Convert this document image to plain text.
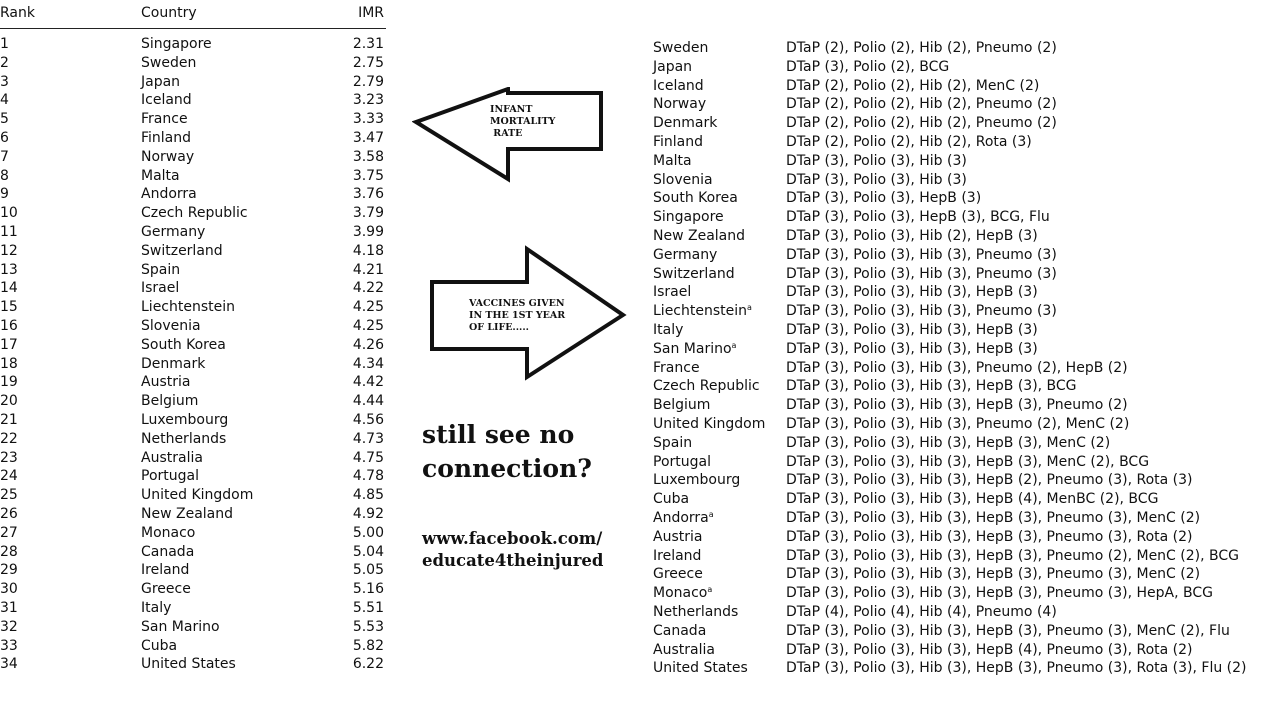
Rank	Country	IMR
1	Singapore	2.31
2	Sweden	2.75
3	Japan	2.79
4	Iceland	3.23
5	France	3.33
6	Finland	3.47
7	Norway	3.58
8	Malta	3.75
9	Andorra	3.76
10	Czech Republic	3.79
11	Germany	3.99
12	Switzerland	4.18
13	Spain	4.21
14	Israel	4.22
15	Liechtenstein	4.25
16	Slovenia	4.25
17	South Korea	4.26
18	Denmark	4.34
19	Austria	4.42
20	Belgium	4.44
21	Luxembourg	4.56
22	Netherlands	4.73
23	Australia	4.75
24	Portugal	4.78
25	United Kingdom	4.85
26	New Zealand	4.92
27	Monaco	5.00
28	Canada	5.04
29	Ireland	5.05
30	Greece	5.16
31	Italy	5.51
32	San Marino	5.53
33	Cuba	5.82
34	United States	6.22
INFANT
MORTALITY
RATE
VACCINES GIVEN
IN THE 1ST YEAR
OF LIFE.....
still see no
connection?
www.facebook.com/
educate4theinjured
Sweden	DTaP (2), Polio (2), Hib (2), Pneumo (2)
Japan	DTaP (3), Polio (2), BCG
Iceland	DTaP (2), Polio (2), Hib (2), MenC (2)
Norway	DTaP (2), Polio (2), Hib (2), Pneumo (2)
Denmark	DTaP (2), Polio (2), Hib (2), Pneumo (2)
Finland	DTaP (2), Polio (2), Hib (2), Rota (3)
Malta	DTaP (3), Polio (3), Hib (3)
Slovenia	DTaP (3), Polio (3), Hib (3)
South Korea	DTaP (3), Polio (3), HepB (3)
Singapore	DTaP (3), Polio (3), HepB (3), BCG, Flu
New Zealand	DTaP (3), Polio (3), Hib (2), HepB (3)
Germany	DTaP (3), Polio (3), Hib (3), Pneumo (3)
Switzerland	DTaP (3), Polio (3), Hib (3), Pneumo (3)
Israel	DTaP (3), Polio (3), Hib (3), HepB (3)
Liechtenstein$^a$ DTaP (3), Polio (3), Hib (3), Pneumo (3)
Italy	DTaP (3), Polio (3), Hib (3), HepB (3)
San Marino$^a$	DTaP (3), Polio (3), Hib (3), HepB (3)
France	DTaP (3), Polio (3), Hib (3), Pneumo (2), HepB (2)
Czech Republic DTaP (3), Polio (3), Hib (3), HepB (3), BCG
Belgium	DTaP (3), Polio (3), Hib (3), HepB (3), Pneumo (2)
United Kingdom DTaP (3), Polio (3), Hib (3), Pneumo (2), MenC (2)
Spain	DTaP (3), Polio (3), Hib (3), HepB (3), MenC (2)
Portugal	DTaP (3), Polio (3), Hib (3), HepB (3), MenC (2), BCG
Luxembourg	DTaP (3), Polio (3), Hib (3), HepB (2), Pneumo (3), Rota (3)
Cuba	DTaP (3), Polio (3), Hib (3), HepB (4), MenBC (2), BCG
Andorra$^a$	DTaP (3), Polio (3), Hib (3), HepB (3), Pneumo (3), MenC (2)
Austria	DTaP (3), Polio (3), Hib (3), HepB (3), Pneumo (3), Rota (2)
Ireland	DTaP (3), Polio (3), Hib (3), HepB (3), Pneumo (2), MenC (2), BCG
Greece	DTaP (3), Polio (3), Hib (3), HepB (3), Pneumo (3), MenC (2)
Monaco$^a$	DTaP (3), Polio (3), Hib (3), HepB (3), Pneumo (3), HepA, BCG
Netherlands	DTaP (4), Polio (4), Hib (4), Pneumo (4)
Canada	DTaP (3), Polio (3), Hib (3), HepB (3), Pneumo (3), MenC (2), Flu
Australia	DTaP (3), Polio (3), Hib (3), HepB (4), Pneumo (3), Rota (2)
United States	DTaP (3), Polio (3), Hib (3), HepB (3), Pneumo (3), Rota (3), Flu (2)
